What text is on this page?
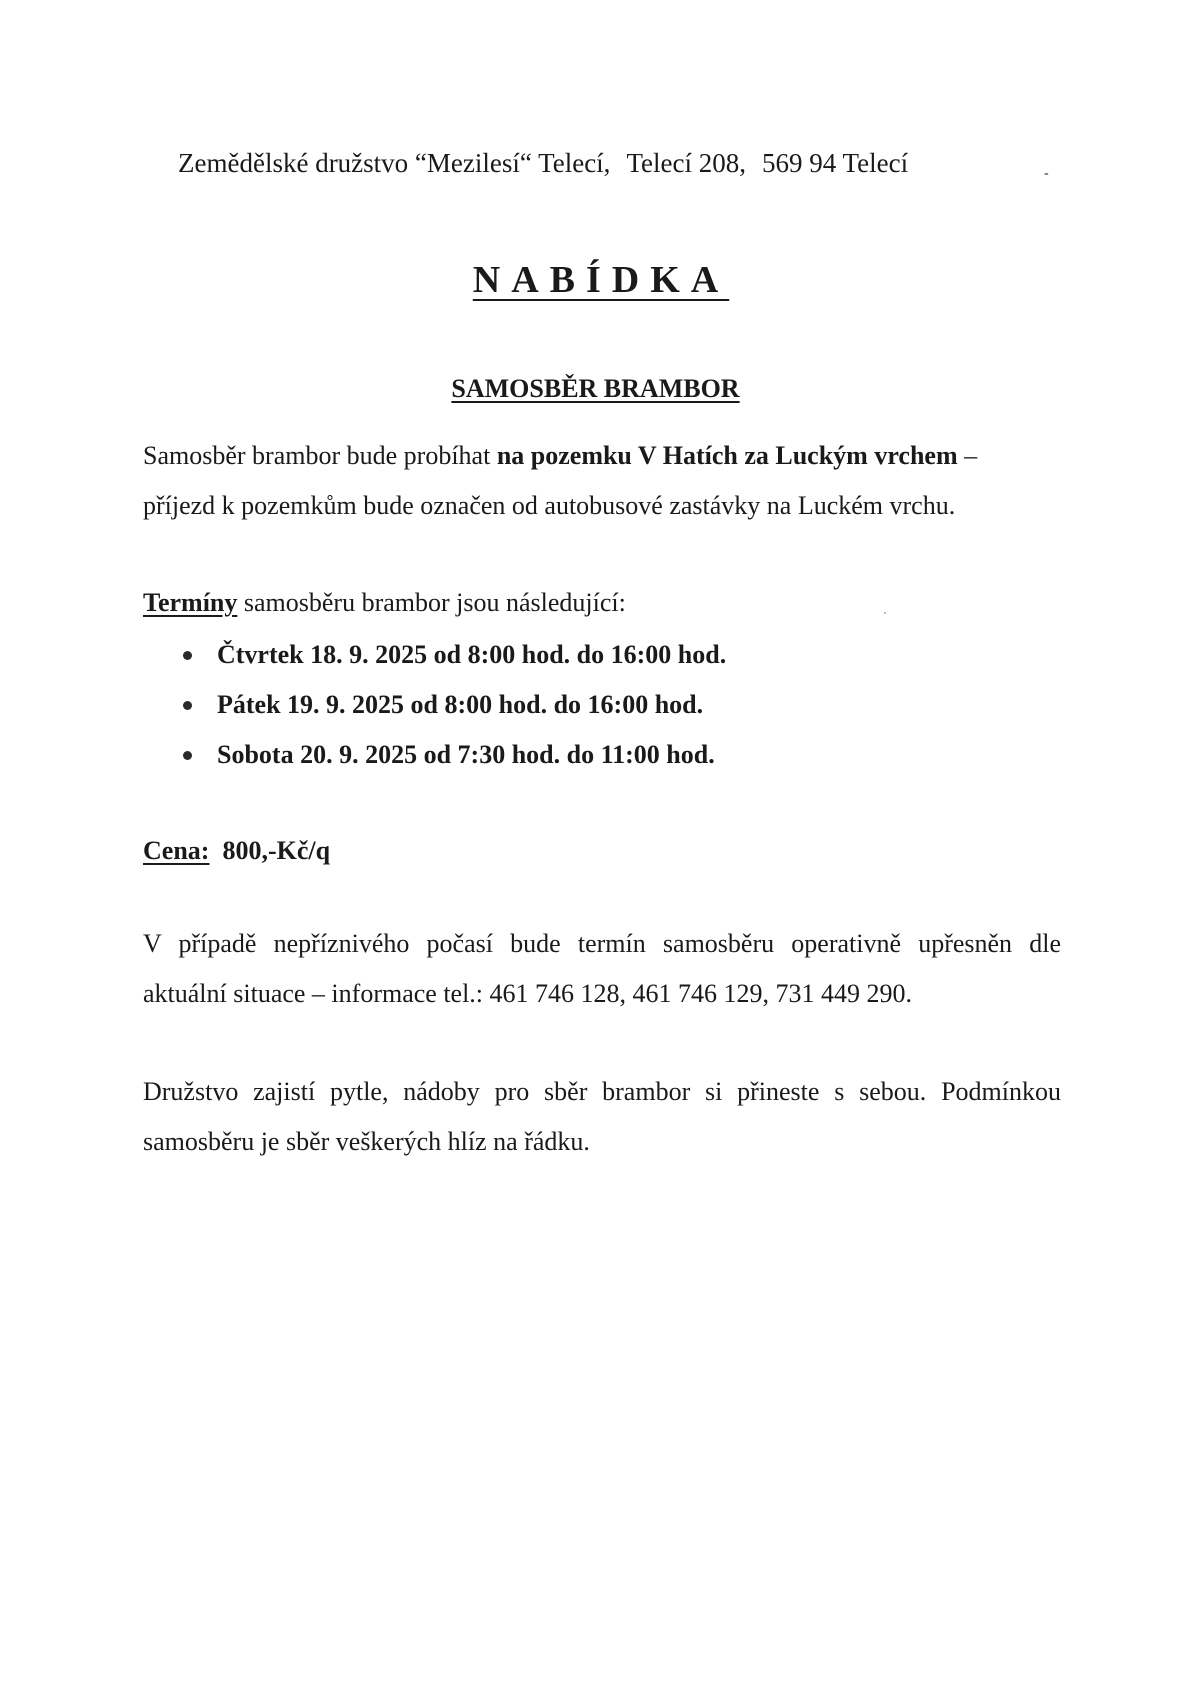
Zemědělské družstvo “Mezilesí“ Telecí, Telecí 208, 569 94 Telecí	-
NABÍDKA
SAMOSBĚR BRAMBOR
Samosběr brambor bude probíhat na pozemku V Hatích za Luckým vrchem –
příjezd k pozemkům bude označen od autobusové zastávky na Luckém vrchu.
Termíny samosběru brambor jsou následující:
Čtvrtek 18. 9. 2025 od 8:00 hod. do 16:00 hod.
Pátek 19. 9. 2025 od 8:00 hod. do 16:00 hod.
Sobota 20. 9. 2025 od 7:30 hod. do 11:00 hod.
Cena: 800,-Kč/q
V případě nepříznivého počasí bude termín samosběru operativně upřesněn dle
aktuální situace – informace tel.: 461 746 128, 461 746 129, 731 449 290.
Družstvo zajistí pytle, nádoby pro sběr brambor si přineste s sebou. Podmínkou
samosběru je sběr veškerých hlíz na řádku.
